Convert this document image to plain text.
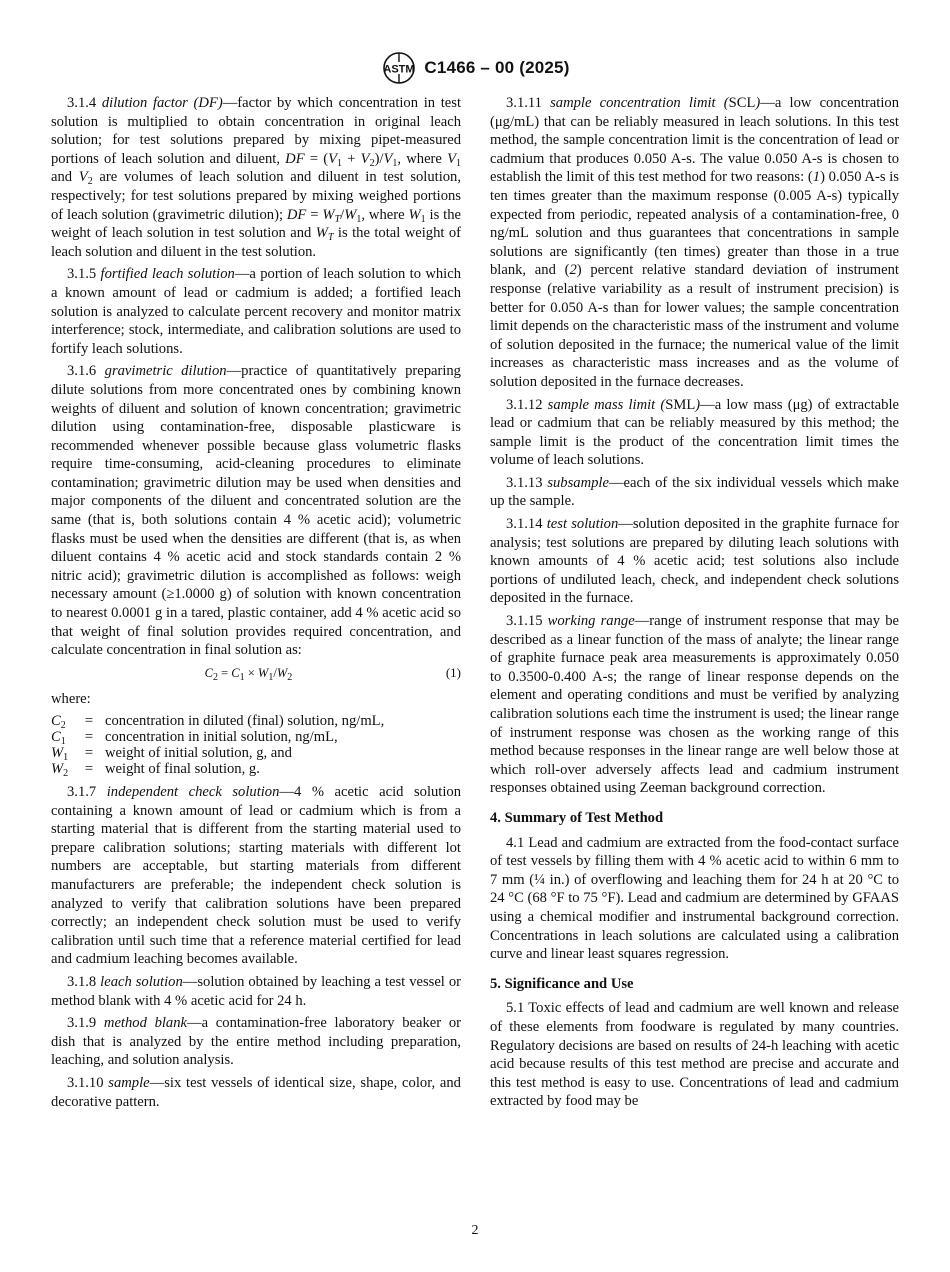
ASTM C1466 – 00 (2025)

3.1.4 dilution factor (DF)—factor by which concentration in test solution is multiplied to obtain concentration in original leach solution; for test solutions prepared by mixing pipet-measured portions of leach solution and diluent, DF = $(V_1 + V_2)/V_1$, where $V_1$ and $V_2$ are volumes of leach solution and diluent in test solution, respectively; for test solutions prepared by mixing weighed portions of leach solution (gravimetric dilution); DF = $W_T/W_1$, where $W_1$ is the weight of leach solution in test solution and $W_T$ is the total weight of leach solution and diluent in the test solution.

3.1.5 fortified leach solution—a portion of leach solution to which a known amount of lead or cadmium is added; a fortified leach solution is analyzed to calculate percent recovery and monitor matrix interference; stock, intermediate, and calibration solutions are used to fortify leach solutions.

3.1.6 gravimetric dilution—practice of quantitatively preparing dilute solutions from more concentrated ones by combining known weights of diluent and solution of known concentration; gravimetric dilution using contamination-free, disposable plasticware is recommended whenever possible because glass volumetric flasks require time-consuming, acid-cleaning procedures to eliminate contamination; gravimetric dilution may be used when densities and major components of the diluent and concentrated solution are the same (that is, both solutions contain 4 % acetic acid); volumetric flasks must be used when the densities are different (that is, as when diluent contains 4 % acetic acid and stock standards contain 2 % nitric acid); gravimetric dilution is accomplished as follows: weigh necessary amount (≥1.0000 g) of solution with known concentration to nearest 0.0001 g in a tared, plastic container, add 4 % acetic acid so that weight of final solution provides required concentration, and calculate concentration in final solution as:

$C_2 = C_1 \times W_1/W_2$	(1)

where:

$C_2$	= concentration in diluted (final) solution, ng/mL,
$C_1$	= concentration in initial solution, ng/mL,
$W_1$	= weight of initial solution, g, and
$W_2$	= weight of final solution, g.

3.1.7 independent check solution—4 % acetic acid solution containing a known amount of lead or cadmium which is from a starting material that is different from the starting material used to prepare calibration solutions; starting materials with different lot numbers are acceptable, but starting materials from different manufacturers are preferable; the independent check solution is analyzed to verify that calibration solutions have been prepared correctly; an independent check solution must be used to verify calibration until such time that a reference material certified for lead and cadmium leaching becomes available.

3.1.8 leach solution—solution obtained by leaching a test vessel or method blank with 4 % acetic acid for 24 h.

3.1.9 method blank—a contamination-free laboratory beaker or dish that is analyzed by the entire method including preparation, leaching, and solution analysis.

3.1.10 sample—six test vessels of identical size, shape, color, and decorative pattern.

3.1.11 sample concentration limit (SCL)—a low concentration (μg/mL) that can be reliably measured in leach solutions. In this test method, the sample concentration limit is the concentration of lead or cadmium that produces 0.050 A-s. The value 0.050 A-s is chosen to establish the limit of this test method for two reasons: (1) 0.050 A-s is ten times greater than the maximum response (0.005 A-s) typically expected from periodic, repeated analysis of a contamination-free, 0 ng/mL solution and thus guarantees that concentrations in sample solutions are significantly (ten times) greater than those in a true blank, and (2) percent relative standard deviation of instrument response (relative variability as a result of instrument precision) is better for 0.050 A-s than for lower values; the sample concentration limit depends on the characteristic mass of the instrument and volume of solution deposited in the furnace; the numerical value of the limit increases as characteristic mass increases and as the volume of solution deposited in the furnace decreases.

3.1.12 sample mass limit (SML)—a low mass (μg) of extractable lead or cadmium that can be reliably measured by this method; the sample limit is the product of the concentration limit times the volume of leach solutions.

3.1.13 subsample—each of the six individual vessels which make up the sample.

3.1.14 test solution—solution deposited in the graphite furnace for analysis; test solutions are prepared by diluting leach solutions with known amounts of 4 % acetic acid; test solutions also include portions of undiluted leach, check, and independent check solutions deposited in the furnace.

3.1.15 working range—range of instrument response that may be described as a linear function of the mass of analyte; the linear range of graphite furnace peak area measurements is approximately 0.050 to 0.3500-0.400 A-s; the range of linear response depends on the element and operating conditions and must be verified by analyzing calibration solutions each time the instrument is used; the linear range of instrument response was chosen as the working range of this method because responses in the linear range are well below those at which roll-over adversely affects lead and cadmium instrument responses obtained using Zeeman background correction.

4. Summary of Test Method

4.1 Lead and cadmium are extracted from the food-contact surface of test vessels by filling them with 4 % acetic acid to within 6 mm to 7 mm (¼ in.) of overflowing and leaching them for 24 h at 20 °C to 24 °C (68 °F to 75 °F). Lead and cadmium are determined by GFAAS using a chemical modifier and instrumental background correction. Concentrations in leach solutions are calculated using a calibration curve and linear least squares regression.

5. Significance and Use

5.1 Toxic effects of lead and cadmium are well known and release of these elements from foodware is regulated by many countries. Regulatory decisions are based on results of 24-h leaching with acetic acid because results of this test method are precise and accurate and this test method is easy to use. Concentrations of lead and cadmium extracted by food may be

2
